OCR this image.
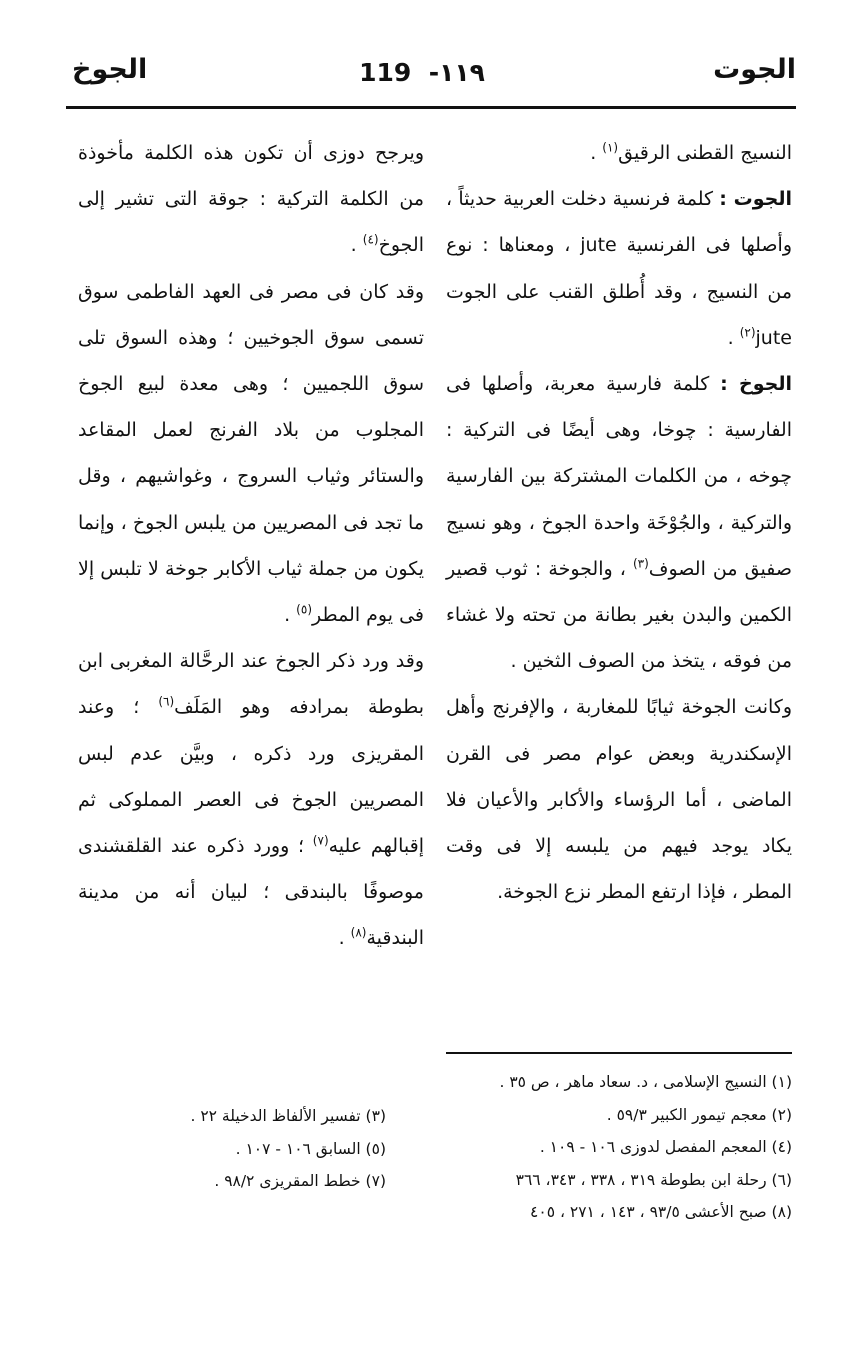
الجوت
119 -١١٩
الجوخ

النسيج القطنى الرقيق$^{(١)}$ .

الجوت : كلمة فرنسية دخلت العربية حديثاً ، وأصلها فى الفرنسية jute ، ومعناها : نوع من النسيج ، وقد أُطلق القنب على الجوت jute$^{(٢)}$ .

الجوخ : كلمة فارسية معربة، وأصلها فى الفارسية : چوخا، وهى أيضًا فى التركية : چوخه ، من الكلمات المشتركة بين الفارسية والتركية ، والجُوْخَة واحدة الجوخ ، وهو نسيج صفيق من الصوف$^{(٣)}$ ، والجوخة : ثوب قصير الكمين والبدن بغير بطانة من تحته ولا غشاء من فوقه ، يتخذ من الصوف الثخين .

وكانت الجوخة ثيابًا للمغاربة ، والإفرنج وأهل الإسكندرية وبعض عوام مصر فى القرن الماضى ، أما الرؤساء والأكابر والأعيان فلا يكاد يوجد فيهم من يلبسه إلا فى وقت المطر ، فإذا ارتفع المطر نزع الجوخة.

ويرجح دوزى أن تكون هذه الكلمة مأخوذة من الكلمة التركية : جوقة التى تشير إلى الجوخ$^{(٤)}$ .

وقد كان فى مصر فى العهد الفاطمى سوق تسمى سوق الجوخيين ؛ وهذه السوق تلى سوق اللجميين ؛ وهى معدة لبيع الجوخ المجلوب من بلاد الفرنج لعمل المقاعد والستائر وثياب السروج ، وغواشيهم ، وقل ما تجد فى المصريين من يلبس الجوخ ، وإنما يكون من جملة ثياب الأكابر جوخة لا تلبس إلا فى يوم المطر$^{(٥)}$ .

وقد ورد ذكر الجوخ عند الرحَّالة المغربى ابن بطوطة بمرادفه وهو المَلَف$^{(٦)}$ ؛ وعند المقريزى ورد ذكره ، وبيَّن عدم لبس المصريين الجوخ فى العصر المملوكى ثم إقبالهم عليه$^{(٧)}$ ؛ وورد ذكره عند القلقشندى موصوفًا بالبندقى ؛ لبيان أنه من مدينة البندقية$^{(٨)}$ .

(١) النسيج الإسلامى ، د. سعاد ماهر ، ص ٣٥ .
(٢) معجم تيمور الكبير ٥٩/٣ .
(٤) المعجم المفصل لدوزى ١٠٦ - ١٠٩ .
(٦) رحلة ابن بطوطة ٣١٩ ، ٣٣٨ ، ٣٤٣، ٣٦٦
(٨) صبح الأعشى ٩٣/٥ ، ١٤٣ ، ٢٧١ ، ٤٠٥
(٣) تفسير الألفاظ الدخيلة ٢٢ .
(٥) السابق ١٠٦ - ١٠٧ .
(٧) خطط المقريزى ٩٨/٢ .
